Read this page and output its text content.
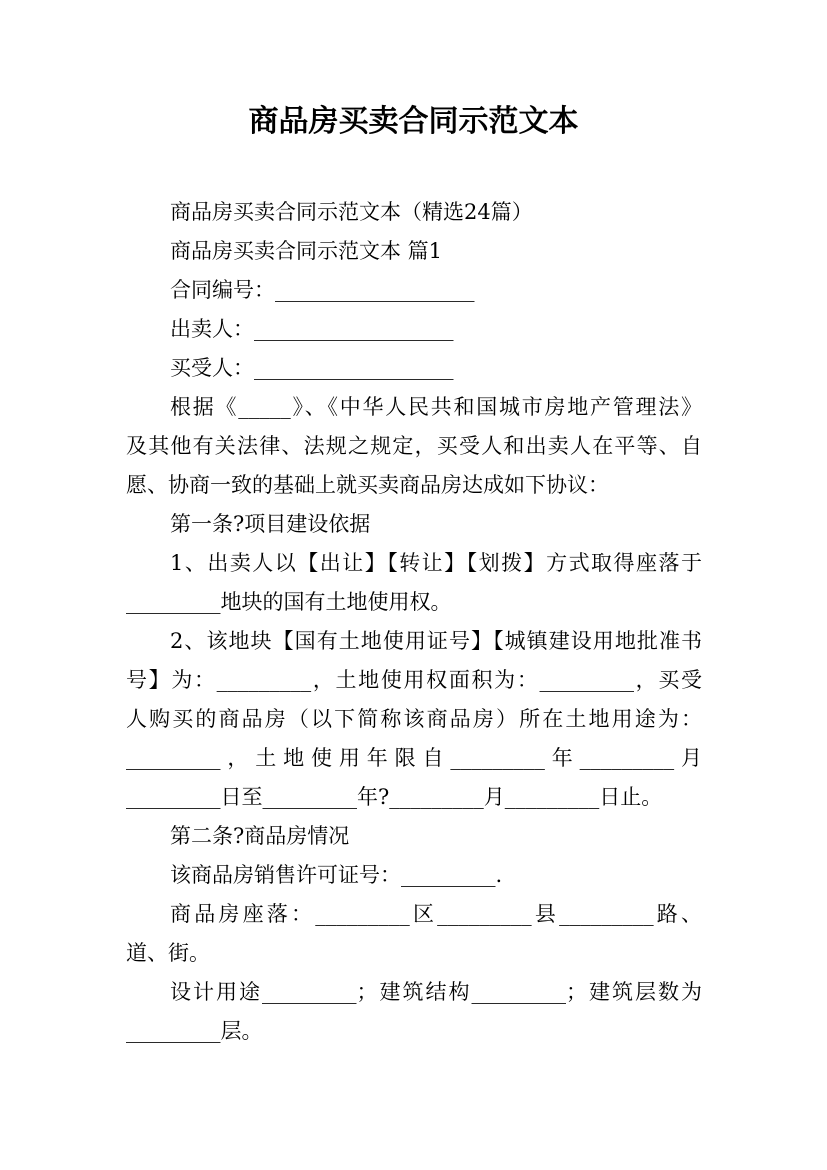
商品房买卖合同示范文本
商品房买卖合同示范文本（精选24篇）
商品房买卖合同示范文本 篇1
合同编号：___________________
出卖人：___________________
买受人：___________________
根据《_____》、《中华人民共和国城市房地产管理法》
及其他有关法律、法规之规定，买受人和出卖人在平等、自
愿、协商一致的基础上就买卖商品房达成如下协议：
第一条?项目建设依据
1、出卖人以【出让】【转让】【划拨】方式取得座落于
_________地块的国有土地使用权。
2、该地块【国有土地使用证号】【城镇建设用地批准书
号】为：_________，土地使用权面积为：_________，买受
人购买的商品房（以下简称该商品房）所在土地用途为：
_________，土地使用年限自_________年_________月
_________日至_________年?_________月_________日止。
第二条?商品房情况
该商品房销售许可证号：_________.
商品房座落：_________区_________县_________路、
道、街。
设计用途_________；建筑结构_________；建筑层数为
_________层。
